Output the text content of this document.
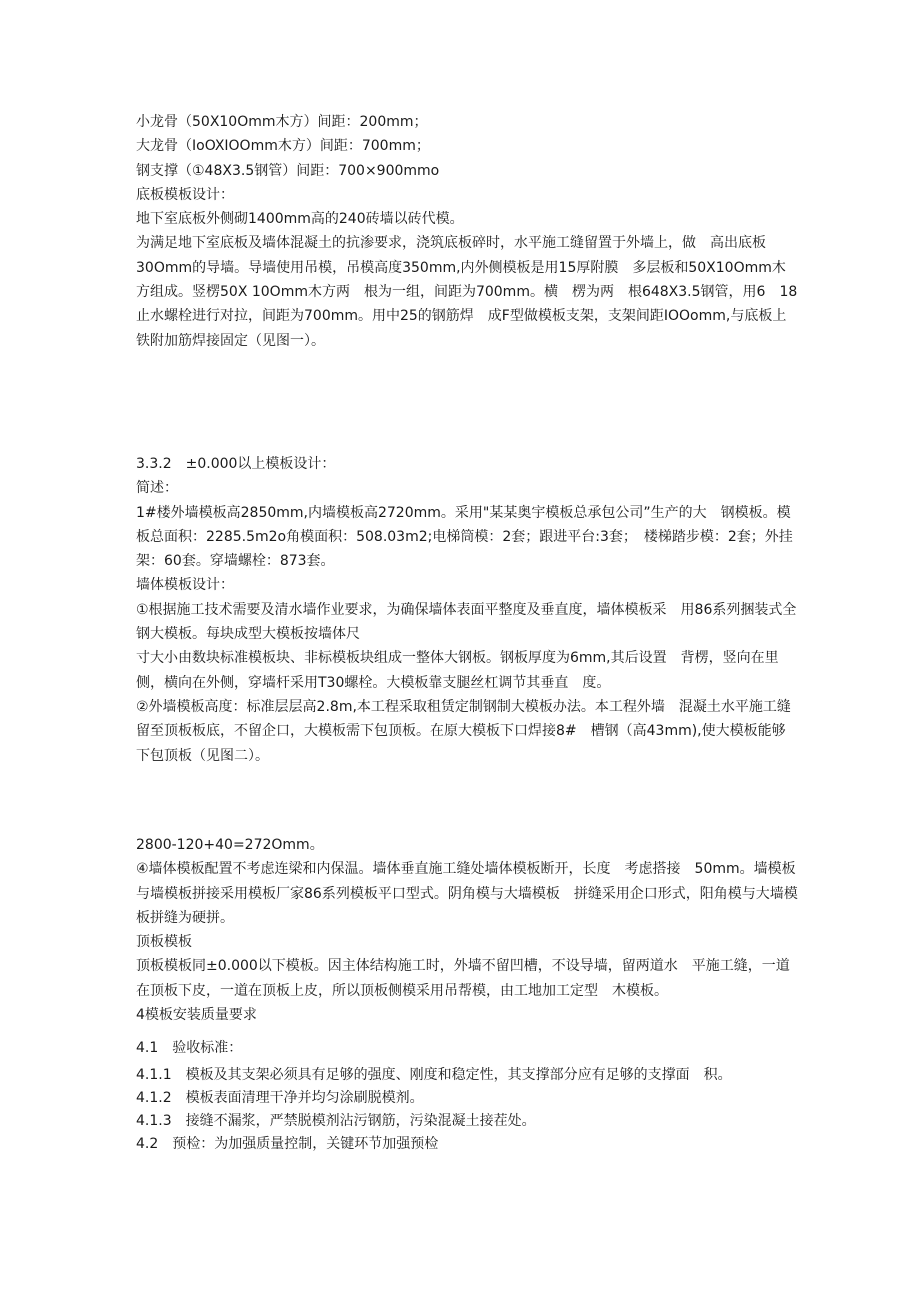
小龙骨（50X10Omm木方）间距：200mm；

大龙骨（IoOXIOOmm木方）间距：700mm；

钢支撑（①48X3.5钢管）间距：700×900mmo

底板模板设计：

地下室底板外侧砌1400mm高的240砖墙以砖代模。

为满足地下室底板及墙体混凝土的抗渗要求，浇筑底板碎时，水平施工缝留置于外墙上，做　高出底板30Omm的导墙。导墙使用吊模，吊模高度350mm,内外侧模板是用15厚附膜　多层板和50X10Omm木方组成。竖楞50X 10Omm木方两　根为一组，间距为700mm。横　楞为两　根648X3.5钢管，用6　18止水螺栓进行对拉，间距为700mm。用中25的钢筋焊　成F型做模板支架，支架间距IOOomm,与底板上铁附加筋焊接固定（见图一）。

3.3.2　±0.000以上模板设计：

简述：

1#楼外墙模板高2850mm,内墙模板高2720mm。采用"某某奥宇模板总承包公司”生产的大　钢模板。模板总面积：2285.5m2o角模面积：508.03m2;电梯筒模：2套；跟进平台:3套；　楼梯踏步模：2套；外挂架：60套。穿墙螺栓：873套。

墙体模板设计：

①根据施工技术需要及清水墙作业要求，为确保墙体表面平整度及垂直度，墙体模板采　用86系列捆装式全钢大模板。每块成型大模板按墙体尺

寸大小由数块标准模板块、非标模板块组成一整体大钢板。钢板厚度为6mm,其后设置　背楞，竖向在里侧，横向在外侧，穿墙杆采用T30螺栓。大模板靠支腿丝杠调节其垂直　度。

②外墙模板高度：标准层层高2.8m,本工程采取租赁定制钢制大模板办法。本工程外墙　混凝土水平施工缝留至顶板板底，不留企口，大模板需下包顶板。在原大模板下口焊接8#　槽钢（高43mm),使大模板能够下包顶板（见图二）。

2800-120+40=272Omm。

④墙体模板配置不考虑连梁和内保温。墙体垂直施工缝处墙体模板断开，长度　考虑搭接　50mm。墙模板与墙模板拼接采用模板厂家86系列模板平口型式。阴角模与大墙模板　拼缝采用企口形式，阳角模与大墙模板拼缝为硬拼。

顶板模板

顶板模板同±0.000以下模板。因主体结构施工时，外墙不留凹槽，不设导墙，留两道水　平施工缝，一道在顶板下皮，一道在顶板上皮，所以顶板侧模采用吊帮模，由工地加工定型　木模板。

4模板安装质量要求

4.1　验收标准：

4.1.1　模板及其支架必须具有足够的强度、刚度和稳定性，其支撑部分应有足够的支撑面　积。

4.1.2　模板表面清理干净并均匀涂刷脱模剂。

4.1.3　接缝不漏浆，严禁脱模剂沾污钢筋，污染混凝土接茬处。

4.2　预检：为加强质量控制，关键环节加强预检
